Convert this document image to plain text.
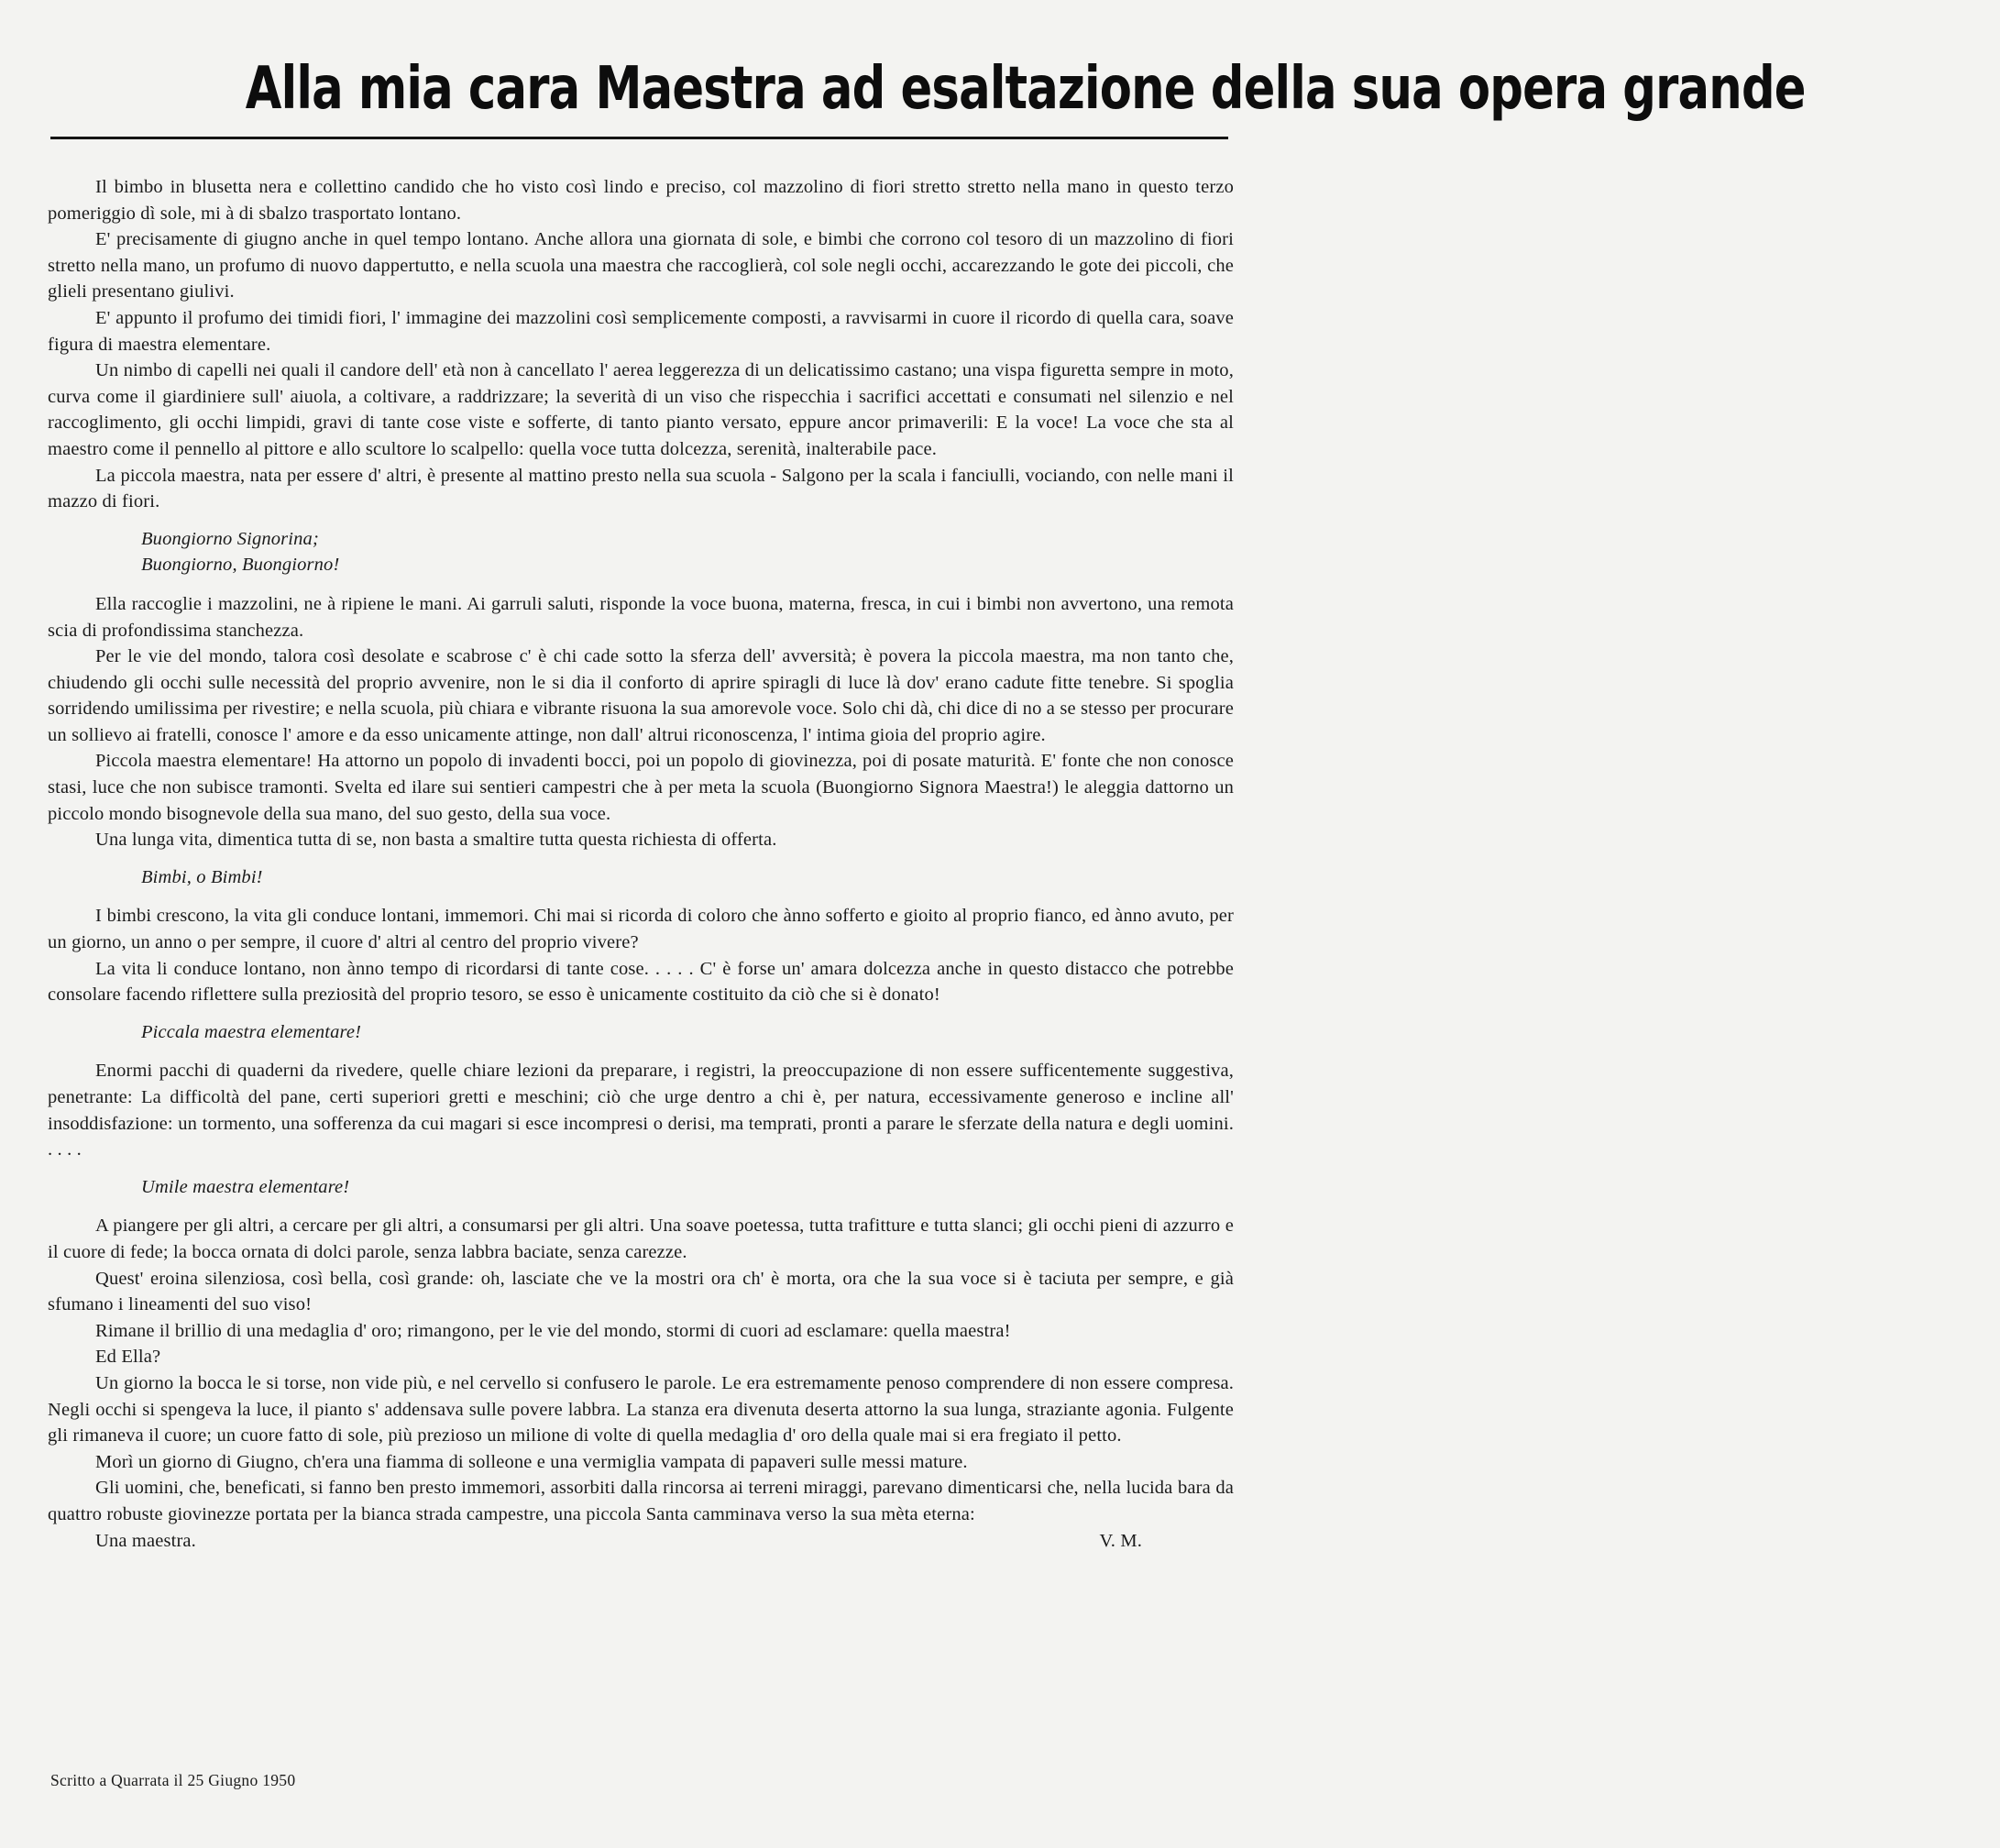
Alla mia cara Maestra ad esaltazione della sua opera grande

Il bimbo in blusetta nera e collettino candido che ho visto così lindo e preciso, col mazzolino di fiori stretto stretto nella mano in questo terzo pomeriggio dì sole, mi à di sbalzo trasportato lontano.

E' precisamente di giugno anche in quel tempo lontano. Anche allora una giornata di sole, e bimbi che corrono col tesoro di un mazzolino di fiori stretto nella mano, un profumo di nuovo dappertutto, e nella scuola una maestra che raccoglierà, col sole negli occhi, accarezzando le gote dei piccoli, che glieli presentano giulivi.

E' appunto il profumo dei timidi fiori, l' immagine dei mazzolini così semplicemente composti, a ravvisarmi in cuore il ricordo di quella cara, soave figura di maestra elementare.

Un nimbo di capelli nei quali il candore dell' età non à cancellato l' aerea leggerezza di un delicatissimo castano; una vispa figuretta sempre in moto, curva come il giardiniere sull' aiuola, a coltivare, a raddrizzare; la severità di un viso che rispecchia i sacrifici accettati e consumati nel silenzio e nel raccoglimento, gli occhi limpidi, gravi di tante cose viste e sofferte, di tanto pianto versato, eppure ancor primaverili: E la voce! La voce che sta al maestro come il pennello al pittore e allo scultore lo scalpello: quella voce tutta dolcezza, serenità, inalterabile pace.

La piccola maestra, nata per essere d' altri, è presente al mattino presto nella sua scuola - Salgono per la scala i fanciulli, vociando, con nelle mani il mazzo di fiori.

Buongiorno Signorina;
Buongiorno, Buongiorno!

Ella raccoglie i mazzolini, ne à ripiene le mani. Ai garruli saluti, risponde la voce buona, materna, fresca, in cui i bimbi non avvertono, una remota scia di profondissima stanchezza.

Per le vie del mondo, talora così desolate e scabrose c' è chi cade sotto la sferza dell' avversità; è povera la piccola maestra, ma non tanto che, chiudendo gli occhi sulle necessità del proprio avvenire, non le si dia il conforto di aprire spiragli di luce là dov' erano cadute fitte tenebre. Si spoglia sorridendo umilissima per rivestire; e nella scuola, più chiara e vibrante risuona la sua amorevole voce. Solo chi dà, chi dice di no a se stesso per procurare un sollievo ai fratelli, conosce l' amore e da esso unicamente attinge, non dall' altrui riconoscenza, l' intima gioia del proprio agire.

Piccola maestra elementare! Ha attorno un popolo di invadenti bocci, poi un popolo di giovinezza, poi di posate maturità. E' fonte che non conosce stasi, luce che non subisce tramonti. Svelta ed ilare sui sentieri campestri che à per meta la scuola (Buongiorno Signora Maestra!) le aleggia dattorno un piccolo mondo bisognevole della sua mano, del suo gesto, della sua voce.

Una lunga vita, dimentica tutta di se, non basta a smaltire tutta questa richiesta di offerta.

Bimbi, o Bimbi!

I bimbi crescono, la vita gli conduce lontani, immemori. Chi mai si ricorda di coloro che ànno sofferto e gioito al proprio fianco, ed ànno avuto, per un giorno, un anno o per sempre, il cuore d' altri al centro del proprio vivere?

La vita li conduce lontano, non ànno tempo di ricordarsi di tante cose. . . . . C' è forse un' amara dolcezza anche in questo distacco che potrebbe consolare facendo riflettere sulla preziosità del proprio tesoro, se esso è unicamente costituito da ciò che si è donato!

Piccala maestra elementare!

Enormi pacchi di quaderni da rivedere, quelle chiare lezioni da preparare, i registri, la preoccupazione di non essere sufficentemente suggestiva, penetrante: La difficoltà del pane, certi superiori gretti e meschini; ciò che urge dentro a chi è, per natura, eccessivamente generoso e incline all' insoddisfazione: un tormento, una sofferenza da cui magari si esce incompresi o derisi, ma temprati, pronti a parare le sferzate della natura e degli uomini. . . . .

Umile maestra elementare!

A piangere per gli altri, a cercare per gli altri, a consumarsi per gli altri. Una soave poetessa, tutta trafitture e tutta slanci; gli occhi pieni di azzurro e il cuore di fede; la bocca ornata di dolci parole, senza labbra baciate, senza carezze.

Quest' eroina silenziosa, così bella, così grande: oh, lasciate che ve la mostri ora ch' è morta, ora che la sua voce si è taciuta per sempre, e già sfumano i lineamenti del suo viso!

Rimane il brillio di una medaglia d' oro; rimangono, per le vie del mondo, stormi di cuori ad esclamare: quella maestra!

Ed Ella?

Un giorno la bocca le si torse, non vide più, e nel cervello si confusero le parole. Le era estremamente penoso comprendere di non essere compresa. Negli occhi si spengeva la luce, il pianto s' addensava sulle povere labbra. La stanza era divenuta deserta attorno la sua lunga, straziante agonia. Fulgente gli rimaneva il cuore; un cuore fatto di sole, più prezioso un milione di volte di quella medaglia d' oro della quale mai si era fregiato il petto.

Morì un giorno di Giugno, ch'era una fiamma di solleone e una vermiglia vampata di papaveri sulle messi mature.

Gli uomini, che, beneficati, si fanno ben presto immemori, assorbiti dalla rincorsa ai terreni miraggi, parevano dimenticarsi che, nella lucida bara da quattro robuste giovinezze portata per la bianca strada campestre, una piccola Santa camminava verso la sua mèta eterna:

Una maestra.	V. M.

Scritto a Quarrata il 25 Giugno 1950
